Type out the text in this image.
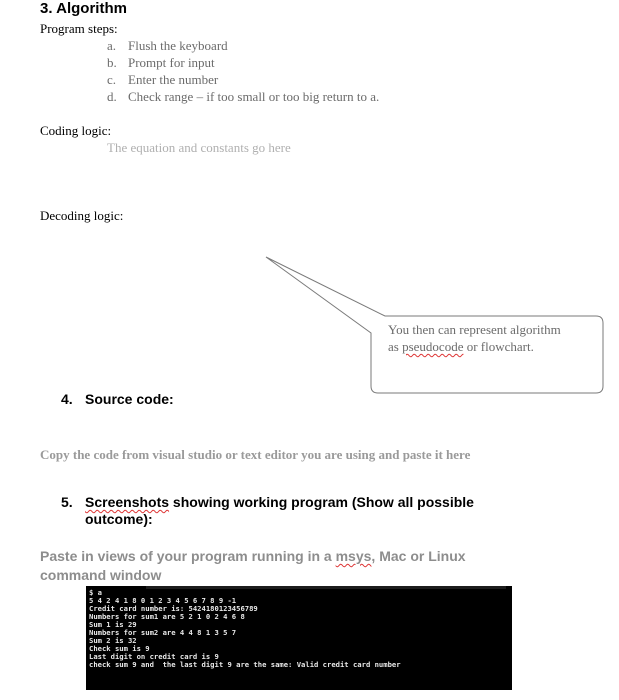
3. Algorithm
Program steps:
a. Flush the keyboard
b. Prompt for input
c. Enter the number
d. Check range – if too small or too big return to a.
Coding logic:
The equation and constants go here
Decoding logic:
You then can represent algorithm
as pseudocode or flowchart.
4. Source code:
Copy the code from visual studio or text editor you are using and paste it here
5. Screenshots showing working program (Show all possible
outcome):
Paste in views of your program running in a msys, Mac or Linux
command window
$ a
5 4 2 4 1 8 0 1 2 3 4 5 6 7 8 9 -1
Credit card number is: 5424180123456789
Numbers for sum1 are 5 2 1 0 2 4 6 8
Sum 1 is 29
Numbers for sum2 are 4 4 8 1 3 5 7
Sum 2 is 32
Check sum is 9
Last digit on credit card is 9
check sum 9 and  the last digit 9 are the same: Valid credit card number
